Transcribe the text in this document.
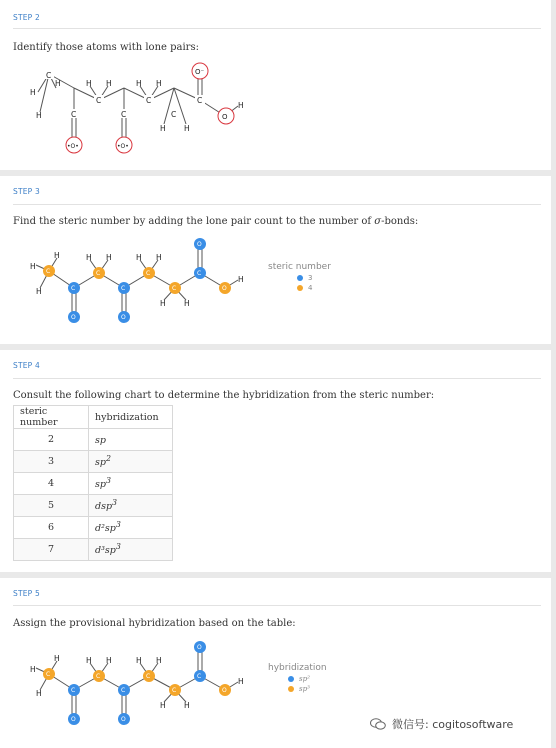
STEP 2
Identify those atoms with lone pairs:
C
C
C
C
C
C
C
H
H
H
H H	H H
H H
H
•O•	•O•
O⁻
O
STEP 3
Find the steric number by adding the lone pair count to the number of σ-bonds:
C
C
C
C
C
C
C
O
O	O
O
H
H
H
H H	H H
H H
H
steric number
3
4
STEP 4
Consult the following chart to determine the hybridization from the steric number:
steric number	hybridization
2	sp
3	$sp^2$
4	$sp^3$
5	dsp$^3$
6	$d^2sp^3$
7	$d^3sp^3$
STEP 5
Assign the provisional hybridization based on the table:
C
C
C
C
C
C
C
O
O	O
O
H
H
H
H H	H H
H H
H
hybridization
sp²
sp³
微信号: cogitosoftware
